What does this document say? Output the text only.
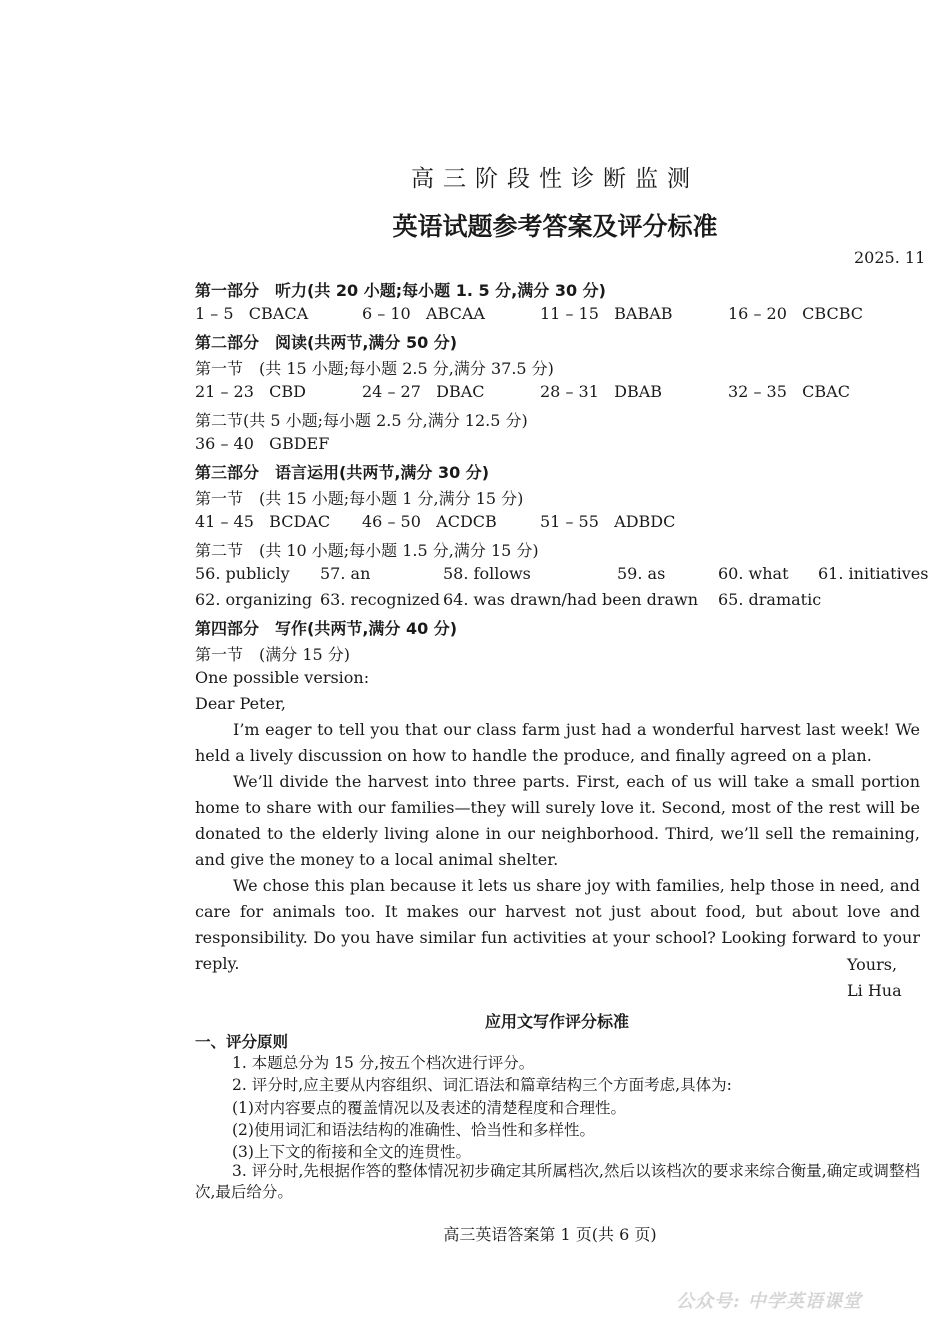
高三阶段性诊断监测
英语试题参考答案及评分标准
2025. 11
第一部分　听力(共 20 小题;每小题 1. 5 分,满分 30 分)
1 – 5 CBACA	6 – 10 ABCAA	11 – 15 BABAB	16 – 20 CBCBC
第二部分　阅读(共两节,满分 50 分)
第一节　(共 15 小题;每小题 2.5 分,满分 37.5 分)
21 – 23 CBD	24 – 27 DBAC	28 – 31 DBAB	32 – 35 CBAC
第二节(共 5 小题;每小题 2.5 分,满分 12.5 分)
36 – 40 GBDEF
第三部分　语言运用(共两节,满分 30 分)
第一节　(共 15 小题;每小题 1 分,满分 15 分)
41 – 45 BCDAC 46 – 50 ACDCB	51 – 55 ADBDC
第二节　(共 10 小题;每小题 1.5 分,满分 15 分)
56. publicly 57. an	58. follows	59. as	60. what 61. initiatives
62. organizing 63. recognized 64. was drawn/had been drawn 65. dramatic
第四部分　写作(共两节,满分 40 分)
第一节　(满分 15 分)
One possible version:
Dear Peter,
I’m eager to tell you that our class farm just had a wonderful harvest last week! We held a lively discussion on how to handle the produce, and finally agreed on a plan.
We’ll divide the harvest into three parts. First, each of us will take a small portion home to share with our families—they will surely love it. Second, most of the rest will be donated to the elderly living alone in our neighborhood. Third, we’ll sell the remaining, and give the money to a local animal shelter.
We chose this plan because it lets us share joy with families, help those in need, and care for animals too. It makes our harvest not just about food, but about love and responsibility. Do you have similar fun activities at your school? Looking forward to your reply.	Yours,
Li Hua
应用文写作评分标准
一、评分原则
1. 本题总分为 15 分,按五个档次进行评分。
2. 评分时,应主要从内容组织、词汇语法和篇章结构三个方面考虑,具体为:
(1)对内容要点的覆盖情况以及表述的清楚程度和合理性。
(2)使用词汇和语法结构的准确性、恰当性和多样性。
(3)上下文的衔接和全文的连贯性。
3. 评分时,先根据作答的整体情况初步确定其所属档次,然后以该档次的要求来综合衡量,确定或调整档次,最后给分。
高三英语答案第 1 页(共 6 页)
公众号: 中学英语课堂
